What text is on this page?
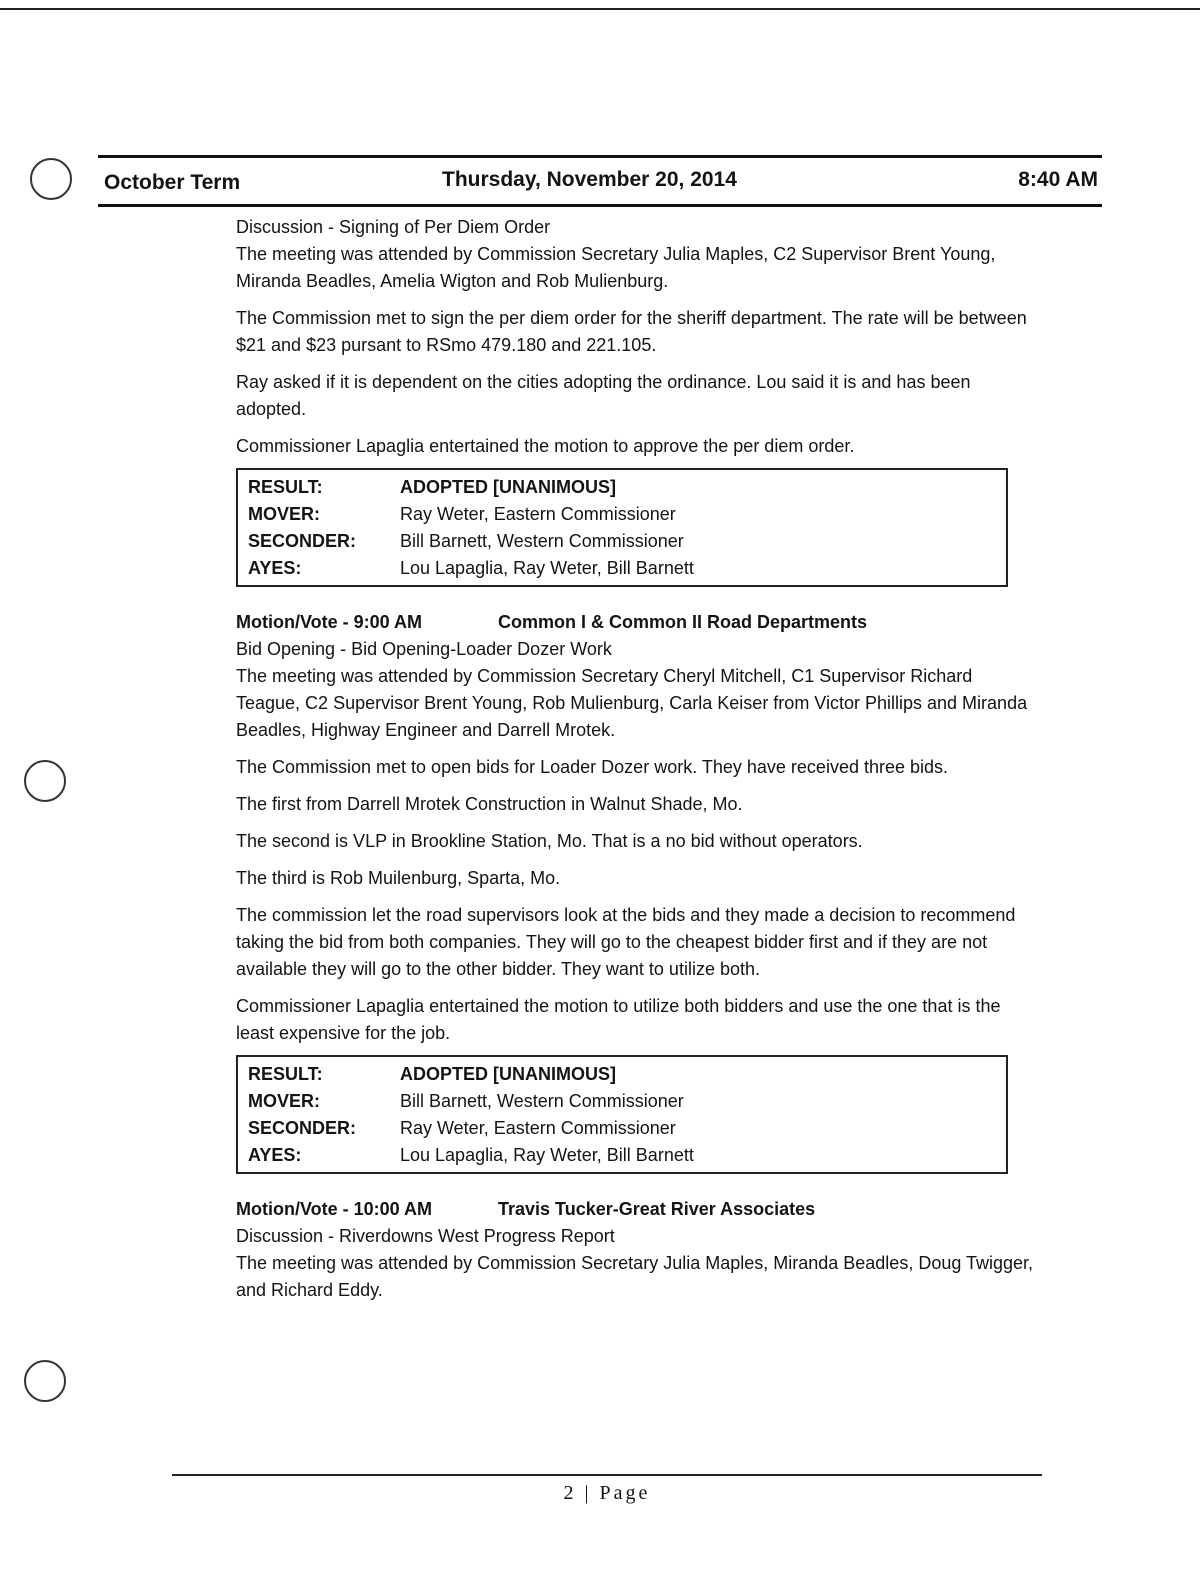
October Term	Thursday, November 20, 2014	8:40 AM

Discussion - Signing of Per Diem Order

The meeting was attended by Commission Secretary Julia Maples, C2 Supervisor Brent Young, Miranda Beadles, Amelia Wigton and Rob Mulienburg.

The Commission met to sign the per diem order for the sheriff department. The rate will be between $21 and $23 pursant to RSmo 479.180 and 221.105.

Ray asked if it is dependent on the cities adopting the ordinance. Lou said it is and has been adopted.

Commissioner Lapaglia entertained the motion to approve the per diem order.

RESULT:	ADOPTED [UNANIMOUS]
MOVER:	Ray Weter, Eastern Commissioner
SECONDER:	Bill Barnett, Western Commissioner
AYES:	Lou Lapaglia, Ray Weter, Bill Barnett
Motion/Vote - 9:00 AM	Common I & Common II Road Departments

Bid Opening - Bid Opening-Loader Dozer Work

The meeting was attended by Commission Secretary Cheryl Mitchell, C1 Supervisor Richard Teague, C2 Supervisor Brent Young, Rob Mulienburg, Carla Keiser from Victor Phillips and Miranda Beadles, Highway Engineer and Darrell Mrotek.

The Commission met to open bids for Loader Dozer work. They have received three bids.

The first from Darrell Mrotek Construction in Walnut Shade, Mo.

The second is VLP in Brookline Station, Mo. That is a no bid without operators.

The third is Rob Muilenburg, Sparta, Mo.

The commission let the road supervisors look at the bids and they made a decision to recommend taking the bid from both companies. They will go to the cheapest bidder first and if they are not available they will go to the other bidder. They want to utilize both.

Commissioner Lapaglia entertained the motion to utilize both bidders and use the one that is the least expensive for the job.

RESULT:	ADOPTED [UNANIMOUS]
MOVER:	Bill Barnett, Western Commissioner
SECONDER:	Ray Weter, Eastern Commissioner
AYES:	Lou Lapaglia, Ray Weter, Bill Barnett
Motion/Vote - 10:00 AM	Travis Tucker-Great River Associates

Discussion - Riverdowns West Progress Report

The meeting was attended by Commission Secretary Julia Maples, Miranda Beadles, Doug Twigger, and Richard Eddy.

2 | Page
